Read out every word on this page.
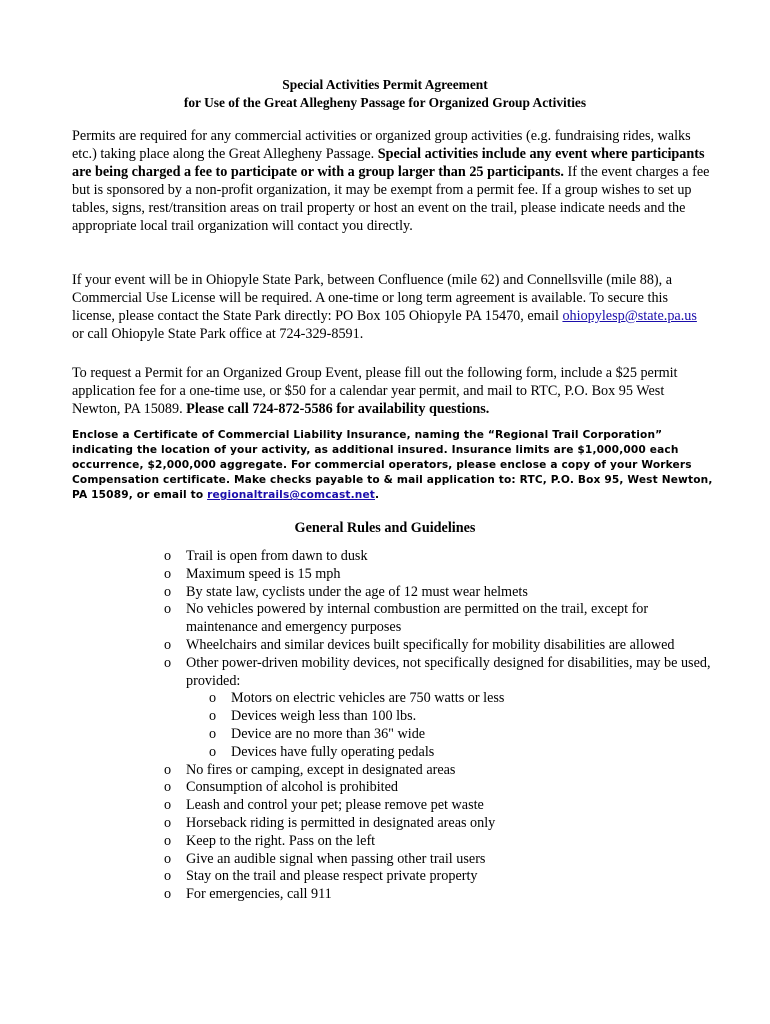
Special Activities Permit Agreement
for Use of the Great Allegheny Passage for Organized Group Activities

Permits are required for any commercial activities or organized group activities (e.g. fundraising rides, walks etc.) taking place along the Great Allegheny Passage. Special activities include any event where participants are being charged a fee to participate or with a group larger than 25 participants. If the event charges a fee but is sponsored by a non-profit organization, it may be exempt from a permit fee. If a group wishes to set up tables, signs, rest/transition areas on trail property or host an event on the trail, please indicate needs and the appropriate local trail organization will contact you directly.

If your event will be in Ohiopyle State Park, between Confluence (mile 62) and Connellsville (mile 88), a Commercial Use License will be required. A one-time or long term agreement is available. To secure this license, please contact the State Park directly: PO Box 105 Ohiopyle PA 15470, email ohiopylesp@state.pa.us or call Ohiopyle State Park office at 724-329-8591.

To request a Permit for an Organized Group Event, please fill out the following form, include a $25 permit application fee for a one-time use, or $50 for a calendar year permit, and mail to RTC, P.O. Box 95 West Newton, PA 15089. Please call 724-872-5586 for availability questions.

Enclose a Certificate of Commercial Liability Insurance, naming the “Regional Trail Corporation” indicating the location of your activity, as additional insured. Insurance limits are $1,000,000 each occurrence, $2,000,000 aggregate. For commercial operators, please enclose a copy of your Workers Compensation certificate. Make checks payable to & mail application to: RTC, P.O. Box 95, West Newton, PA 15089, or email to regionaltrails@comcast.net.

General Rules and Guidelines
o Trail is open from dawn to dusk
o Maximum speed is 15 mph
o By state law, cyclists under the age of 12 must wear helmets
o No vehicles powered by internal combustion are permitted on the trail, except for maintenance and emergency purposes
o Wheelchairs and similar devices built specifically for mobility disabilities are allowed
o Other power-driven mobility devices, not specifically designed for disabilities, may be used, provided:
o Motors on electric vehicles are 750 watts or less
o Devices weigh less than 100 lbs.
o Device are no more than 36" wide
o Devices have fully operating pedals
o No fires or camping, except in designated areas
o Consumption of alcohol is prohibited
o Leash and control your pet; please remove pet waste
o Horseback riding is permitted in designated areas only
o Keep to the right. Pass on the left
o Give an audible signal when passing other trail users
o Stay on the trail and please respect private property
o For emergencies, call 911
